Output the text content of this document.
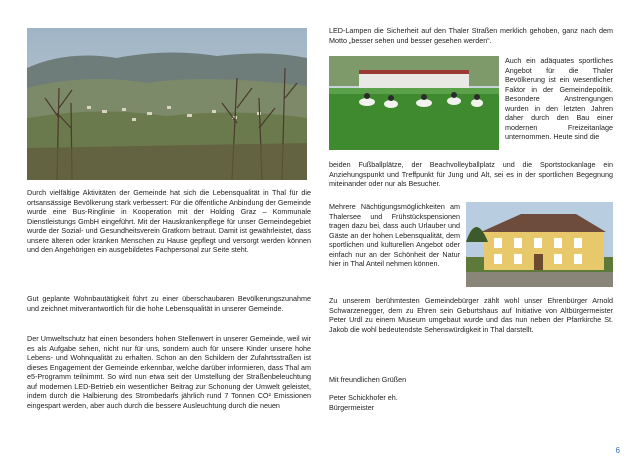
Durch vielfältige Aktivitäten der Gemeinde hat sich die Lebensqualität in Thal für die ortsansässige Bevölkerung stark verbessert: Für die öffentliche Anbindung der Gemeinde wurde eine Bus-Ringlinie in Kooperation mit der Holding Graz – Kommunale Dienstleistungs GmbH eingeführt. Mit der Hauskrankenpflege für unser Gemeindegebiet wurde der Sozial- und Gesundheitsverein Gratkorn betraut. Damit ist gewährleistet, dass unsere älteren oder kranken Menschen zu Hause gepflegt und versorgt werden können und den Angehörigen ein ausgebildetes Fachpersonal zur Seite steht.

Gut geplante Wohnbautätigkeit führt zu einer überschaubaren Bevölkerungszunahme und zeichnet mitverantwortlich für die hohe Lebensqualität in unserer Gemeinde.

Der Umweltschutz hat einen besonders hohen Stellenwert in unserer Gemeinde, weil wir es als Aufgabe sehen, nicht nur für uns, sondern auch für unsere Kinder unsere hohe Lebens- und Wohnqualität zu erhalten. Schon an den Schildern der Zufahrtsstraßen ist dieses Engagement der Gemeinde erkennbar, welche darüber informieren, dass Thal am e5-Programm teilnimmt. So wird nun etwa seit der Umstellung der Straßenbeleuchtung auf modernen LED-Betrieb ein wesentlicher Beitrag zur Schonung der Umwelt geleistet, indem durch die Halbierung des Strombedarfs jährlich rund 7 Tonnen CO² Emissionen eingespart werden, aber auch durch die bessere Ausleuchtung durch die neuen

LED-Lampen die Sicherheit auf den Thaler Straßen merklich gehoben, ganz nach dem Motto „besser sehen und besser gesehen werden“.

Auch ein adäquates sportliches Angebot für die Thaler Bevölkerung ist ein wesentlicher Faktor in der Gemeindepolitik. Besondere Anstrengungen wurden in den letzten Jahren daher durch den Bau einer modernen Freizeitanlage unternommen. Heute sind die

beiden Fußballplätze, der Beachvolleyballplatz und die Sportstockanlage ein Anziehungspunkt und Treffpunkt für Jung und Alt, sei es in der sportlichen Begegnung miteinander oder nur als Besucher.

Mehrere Nächtigungsmöglichkeiten am Thalersee und Frühstückspensionen tragen dazu bei, dass auch Urlauber und Gäste an der hohen Lebensqualität, dem sportlichen und kulturellen Angebot oder einfach nur an der Schönheit der Natur hier in Thal Anteil nehmen können.

Zu unserem berühmtesten Gemeindebürger zählt wohl unser Ehrenbürger Arnold Schwarzenegger, dem zu Ehren sein Geburtshaus auf Initiative von Altbürgermeister Peter Urdl zu einem Museum umgebaut wurde und das nun neben der Pfarrkirche St. Jakob die wohl bedeutendste Sehenswürdigkeit in Thal darstellt.

Mit freundlichen Grüßen

Peter Schickhofer eh.

Bürgermeister

6
